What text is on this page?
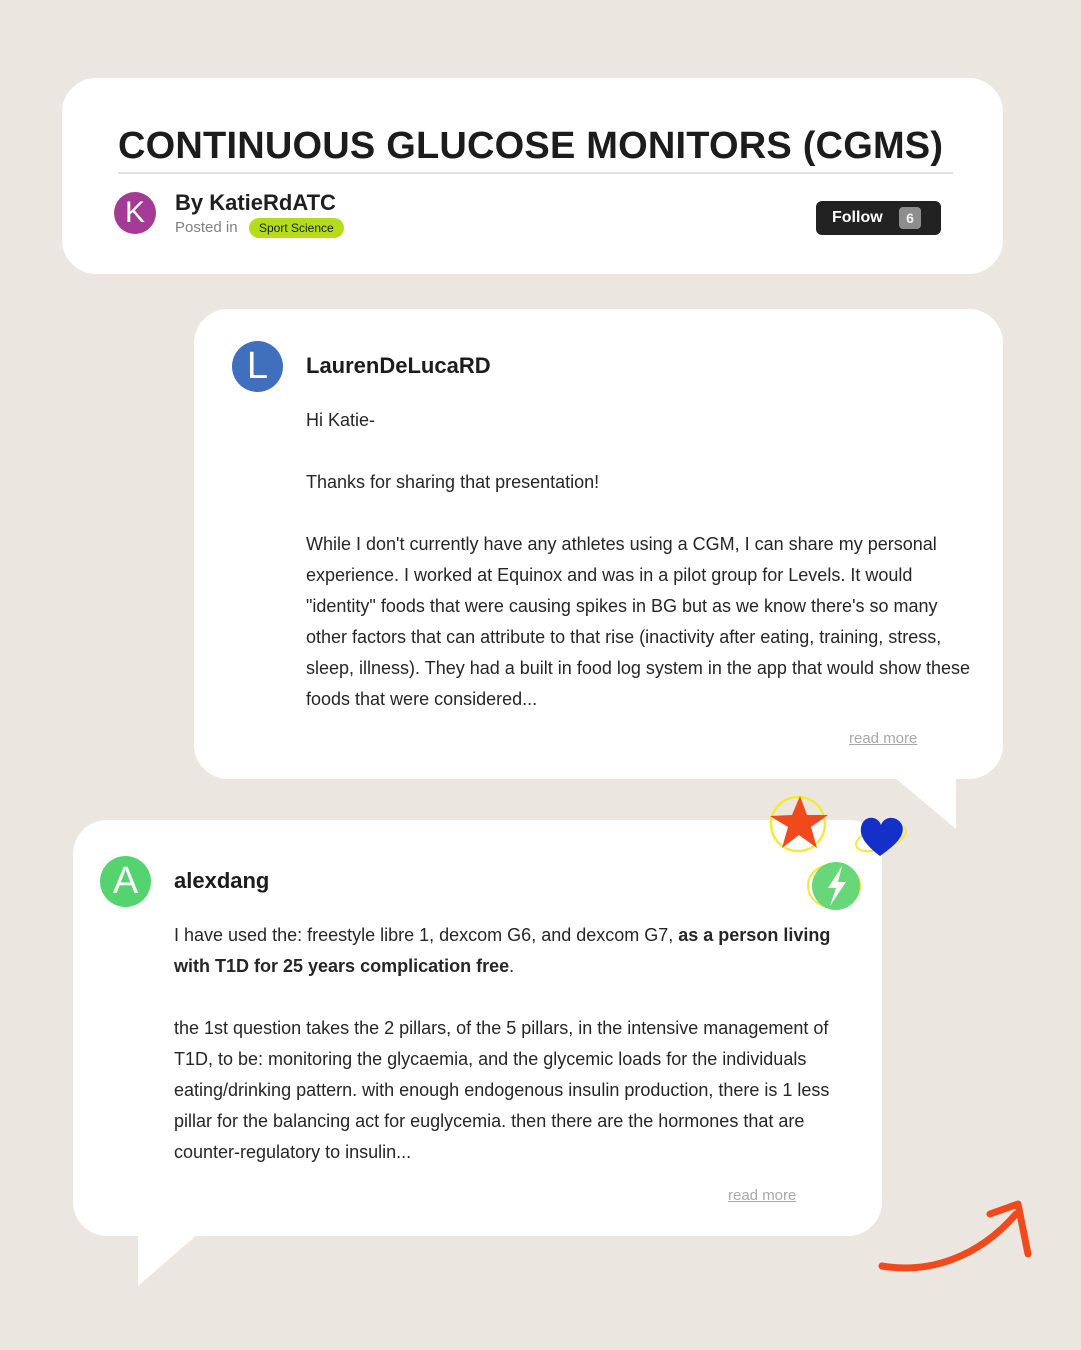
CONTINUOUS GLUCOSE MONITORS (CGMS)
K	By KatieRdATC
Posted in	Sport Science
Follow	6
L	LaurenDeLucaRD

Hi Katie-

Thanks for sharing that presentation!

While I don't currently have any athletes using a CGM, I can share my personal experience. I worked at Equinox and was in a pilot group for Levels. It would "identity" foods that were causing spikes in BG but as we know there's so many other factors that can attribute to that rise (inactivity after eating, training, stress, sleep, illness). They had a built in food log system in the app that would show these foods that were considered...

read more
A	alexdang

I have used the: freestyle libre 1, dexcom G6, and dexcom G7, as a person living with T1D for 25 years complication free.

the 1st question takes the 2 pillars, of the 5 pillars, in the intensive management of T1D, to be: monitoring the glycaemia, and the glycemic loads for the individuals eating/drinking pattern. with enough endogenous insulin production, there is 1 less pillar for the balancing act for euglycemia. then there are the hormones that are counter-regulatory to insulin...

read more
